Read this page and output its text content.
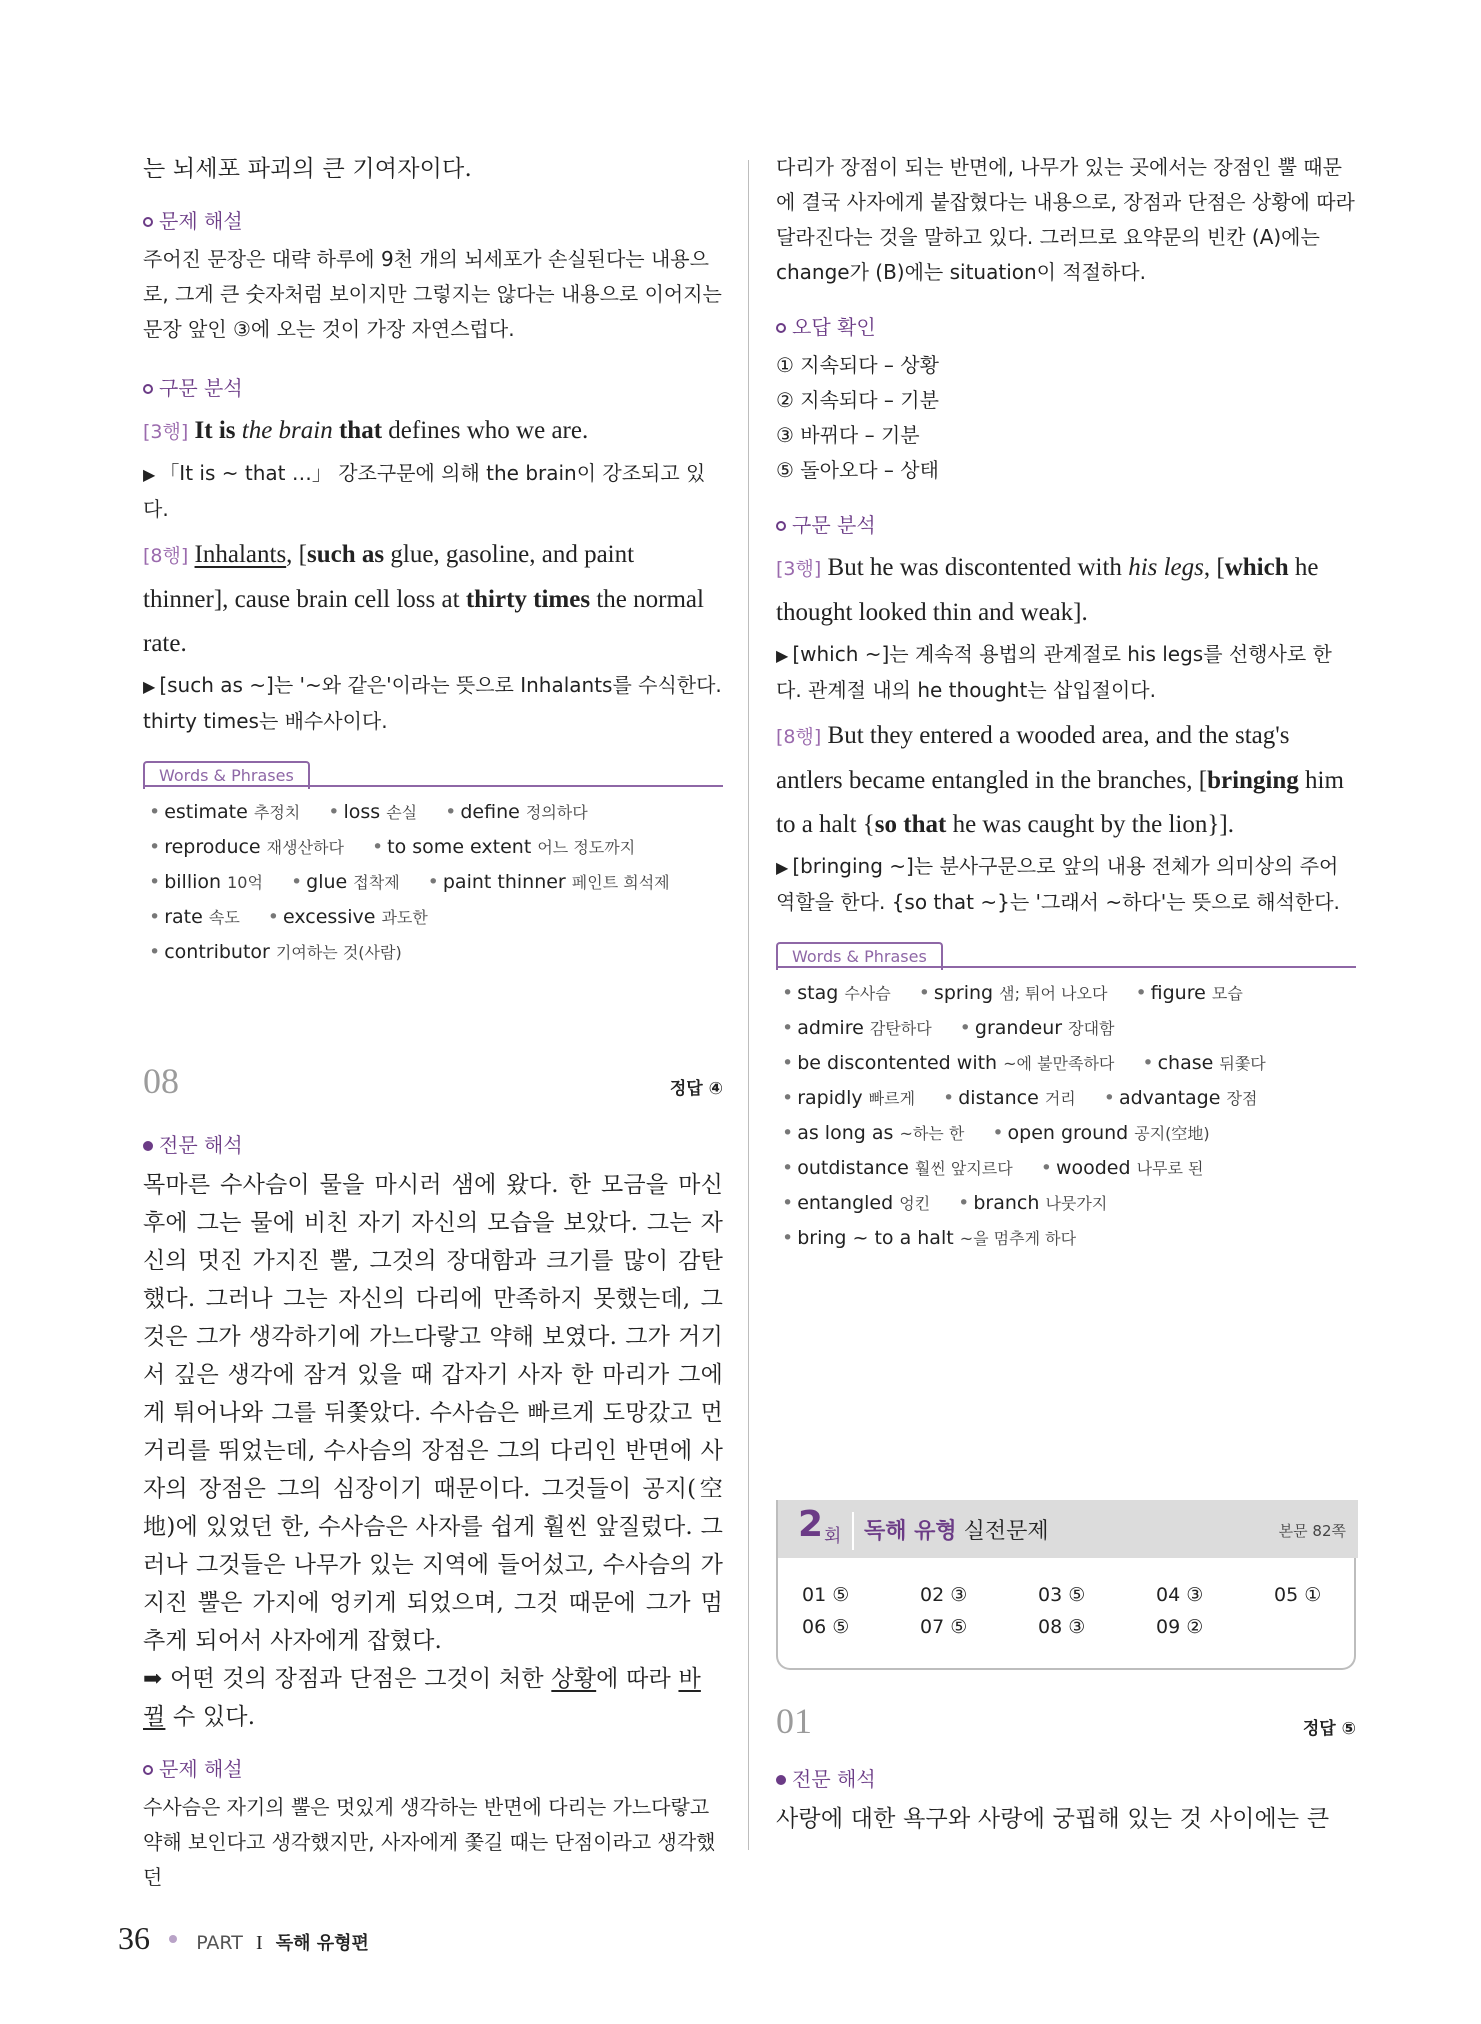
는 뇌세포 파괴의 큰 기여자이다.

문제 해설

주어진 문장은 대략 하루에 9천 개의 뇌세포가 손실된다는 내용으로, 그게 큰 숫자처럼 보이지만 그렇지는 않다는 내용으로 이어지는 문장 앞인 ③에 오는 것이 가장 자연스럽다.

구문 분석

[3행] It is the brain that defines who we are.

▶ 「It is ~ that …」 강조구문에 의해 the brain이 강조되고 있다.

[8행] Inhalants, [such as glue, gasoline, and paint thinner], cause brain cell loss at thirty times the normal rate.

▶ [such as ~]는 '~와 같은'이라는 뜻으로 Inhalants를 수식한다. thirty times는 배수사이다.

Words & Phrases
• estimate 추정치 • loss 손실 • define 정의하다
• reproduce 재생산하다 • to some extent 어느 정도까지
• billion 10억 • glue 접착제 • paint thinner 페인트 희석제
• rate 속도 • excessive 과도한
• contributor 기여하는 것(사람)
08	정답 ④
전문 해석

목마른 수사슴이 물을 마시러 샘에 왔다. 한 모금을 마신 후에 그는 물에 비친 자기 자신의 모습을 보았다. 그는 자신의 멋진 가지진 뿔, 그것의 장대함과 크기를 많이 감탄했다. 그러나 그는 자신의 다리에 만족하지 못했는데, 그것은 그가 생각하기에 가느다랗고 약해 보였다. 그가 거기서 깊은 생각에 잠겨 있을 때 갑자기 사자 한 마리가 그에게 튀어나와 그를 뒤쫓았다. 수사슴은 빠르게 도망갔고 먼 거리를 뛰었는데, 수사슴의 장점은 그의 다리인 반면에 사자의 장점은 그의 심장이기 때문이다. 그것들이 공지(空地)에 있었던 한, 수사슴은 사자를 쉽게 훨씬 앞질렀다. 그러나 그것들은 나무가 있는 지역에 들어섰고, 수사슴의 가지진 뿔은 가지에 엉키게 되었으며, 그것 때문에 그가 멈추게 되어서 사자에게 잡혔다.

➡ 어떤 것의 장점과 단점은 그것이 처한 상황에 따라 바뀔 수 있다.

문제 해설

수사슴은 자기의 뿔은 멋있게 생각하는 반면에 다리는 가느다랗고 약해 보인다고 생각했지만, 사자에게 쫓길 때는 단점이라고 생각했던

다리가 장점이 되는 반면에, 나무가 있는 곳에서는 장점인 뿔 때문에 결국 사자에게 붙잡혔다는 내용으로, 장점과 단점은 상황에 따라 달라진다는 것을 말하고 있다. 그러므로 요약문의 빈칸 (A)에는 change가 (B)에는 situation이 적절하다.

오답 확인
① 지속되다 – 상황
② 지속되다 – 기분
③ 바뀌다 – 기분
⑤ 돌아오다 – 상태
구문 분석

[3행] But he was discontented with his legs, [which he thought looked thin and weak].

▶ [which ~]는 계속적 용법의 관계절로 his legs를 선행사로 한다. 관계절 내의 he thought는 삽입절이다.

[8행] But they entered a wooded area, and the stag's antlers became entangled in the branches, [bringing him to a halt {so that he was caught by the lion}].

▶ [bringing ~]는 분사구문으로 앞의 내용 전체가 의미상의 주어 역할을 한다. {so that ~}는 '그래서 ~하다'는 뜻으로 해석한다.

Words & Phrases
• stag 수사슴 • spring 샘; 튀어 나오다 • figure 모습
• admire 감탄하다 • grandeur 장대함
• be discontented with ~에 불만족하다 • chase 뒤쫓다
• rapidly 빠르게 • distance 거리 • advantage 장점
• as long as ~하는 한 • open ground 공지(空地)
• outdistance 훨씬 앞지르다 • wooded 나무로 된
• entangled 엉킨 • branch 나뭇가지
• bring ~ to a halt ~을 멈추게 하다
2 회 독해 유형 실전문제	본문 82쪽
01 ⑤	02 ③	03 ⑤	04 ③	05 ①
06 ⑤	07 ⑤	08 ③	09 ②
01	정답 ⑤
전문 해석

사랑에 대한 욕구와 사랑에 궁핍해 있는 것 사이에는 큰

36 PART I 독해 유형편
